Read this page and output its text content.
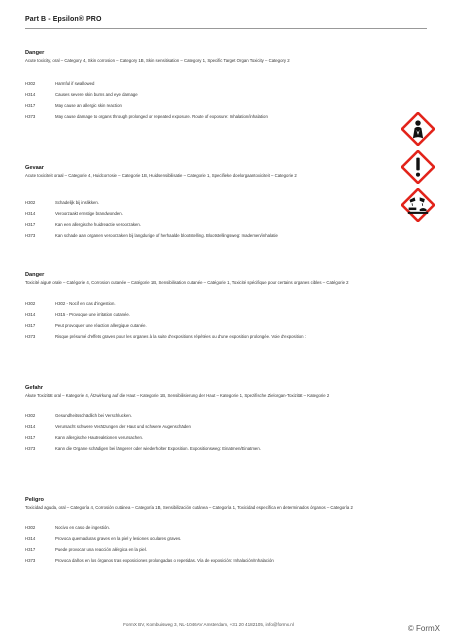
Part B - Epsilon® PRO
Danger
Acute toxicity, oral – Category 4, Skin corrosion – Category 1B, Skin sensitisation – Category 1, Specific Target Organ Toxicity – Category 2
H302	Harmful if swallowed
H314	Causes severe skin burns and eye damage
H317	May cause an allergic skin reaction
H373	May cause damage to organs through prolonged or repeated exposure. Route of exposure: Inhalation/inhalation
Gevaar
Acute toxiciteit oraal – Categorie 4, Huidcorrosie – Categorie 1B, Huidsensibilisatie – Categorie 1, Specifieke doelorgaantoxiciteit – Categorie 2
H302	Schadelijk bij inslikken.
H314	Veroorzaakt ernstige brandwonden.
H317	Kan een allergische huidreactie veroorzaken.
H373	Kan schade aan organen veroorzaken bij langdurige of herhaalde blootstelling. Blootstellingsweg: Inademen/inhalatie
Danger
Toxicité aiguë orale – Catégorie 4, Corrosion cutanée – Catégorie 1B, Sensibilisation cutanée – Catégorie 1, Toxicité spécifique pour certains organes cibles – Catégorie 2
H302	H302 - Nocif en cas d'ingestion.
H314	H315 - Provoque une irritation cutanée.
H317	Peut provoquer une réaction allergique cutanée.
H373	Risque présumé d'effets graves pour les organes à la suite d'expositions répétées ou d'une exposition prolongée. Voie d'exposition :
Gefahr
Akute Toxizität oral – Kategorie 4, Ätzwirkung auf die Haut – Kategorie 1B, Sensibilisierung der Haut – Kategorie 1, Spezifische Zielorgan-Toxizität – Kategorie 2
H302	Gesundheitsschädlich bei Verschlucken.
H314	Verursacht schwere Verätzungen der Haut und schwere Augenschäden
H317	Kann allergische Hautreaktionen verursachen.
H373	Kann die Organe schädigen bei längerer oder wiederholter Exposition. Expositionsweg: Einatmen/Einatmen.
Peligro
Toxicidad aguda, oral – Categoría 4, Corrosión cutánea – Categoría 1B, Sensibilización cutánea – Categoría 1, Toxicidad específica en determinados órganos – Categoría 2
H302	Nocivo en caso de ingestión.
H314	Provoca quemaduras graves en la piel y lesiones oculares graves.
H317	Puede provocar una reacción alérgica en la piel.
H373	Provoca daños en los órganos tras exposiciones prolongadas o repetidas. Vía de exposición: Inhalación/Inhalación
FormX BV, Kombuisweg 3, NL-1046AV Amsterdam, +31 20 4182105, info@formx.nl	© FormX
